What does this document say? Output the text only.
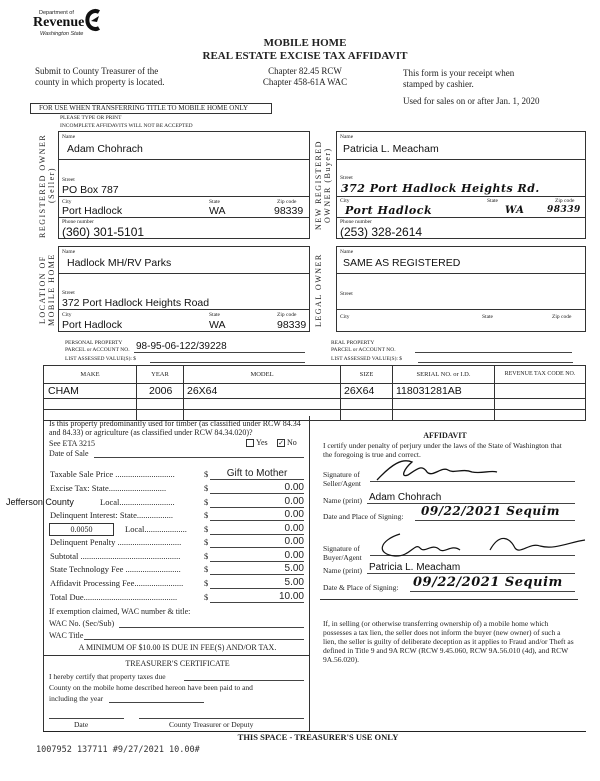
Department of
Revenue
Washington State
MOBILE HOME
REAL ESTATE EXCISE TAX AFFIDAVIT
Submit to County Treasurer of the county in which property is located.
Chapter 82.45 RCW
Chapter 458-61A WAC
This form is your receipt when stamped by cashier.
Used for sales on or after Jan. 1, 2020
FOR USE WHEN TRANSFERRING TITLE TO MOBILE HOME ONLY
PLEASE TYPE OR PRINT
INCOMPLETE AFFIDAVITS WILL NOT BE ACCEPTED
REGISTERED OWNER (Seller)
Name
Adam Chohrach
Street
PO Box 787
City	State	Zip code
Port Hadlock	WA	98339
Phone number
(360) 301-5101
NEW REGISTERED OWNER (Buyer)
Name
Patricia L. Meacham
Street
372 Port Hadlock Heights Rd.
City	State	Zip code
Port Hadlock	WA	98339
Phone number
(253) 328-2614
LOCATION OF MOBILE HOME
Name
Hadlock MH/RV Parks
Street
372 Port Hadlock Heights Road
City	State	Zip code
Port Hadlock	WA	98339 LEGAL OWNER
Name
SAME AS REGISTERED
Street
City	State	Zip code
PERSONAL PROPERTY
PARCEL or ACCOUNT NO. 98-95-06-122/39228
LIST ASSESSED VALUE(S): $
REAL PROPERTY
PARCEL or ACCOUNT NO.
LIST ASSESSED VALUE(S): $
MAKE	YEAR	MODEL	SIZE	SERIAL NO. or I.D.	REVENUE TAX CODE NO.
CHAM	2006	26X64	26X64	118031281AB	

Is this property predominantly used for timber (as classified under RCW 84.34 and 84.33) or agriculture (as classified under RCW 84.34.020)?
See ETA 3215	Yes ✓ No
Date of Sale
0.0050
Taxable Sale Price ............................	$	Gift to Mother
Excise Tax: State...........................	$	0.00
Local..........................	$	0.00
Delinquent Interest: State.................	$	0.00
Local.................... $	0.00
Delinquent Penalty ..............................	$	0.00
Subtotal ...............................................	$	0.00
State Technology Fee ..........................	$	5.00
Affidavit Processing Fee....................... $	5.00
Total Due............................................	$	10.00
If exemption claimed, WAC number & title:
WAC No. (Sec/Sub)
WAC Title
A MINIMUM OF $10.00 IS DUE IN FEE(S) AND/OR TAX.
TREASURER'S CERTIFICATE
I hereby certify that property taxes due
County on the mobile home described hereon have been paid to and
including the year
Date	County Treasurer or Deputy
Jefferson County
AFFIDAVIT
I certify under penalty of perjury under the laws of the State of Washington that the foregoing is true and correct.
Signature of Seller/Agent
Name (print) Adam Chohrach
Date and Place of Signing: 09/22/2021 Sequim
Signature of Buyer/Agent
Name (print) Patricia L. Meacham
Date & Place of Signing: 09/22/2021 Sequim
If, in selling (or otherwise transferring ownership of) a mobile home which possesses a tax lien, the seller does not inform the buyer (new owner) of such a lien, the seller is guilty of deliberate deception as it applies to Fraud and/or Theft as defined in Title 9 and 9A RCW (RCW 9.45.060, RCW 9A.56.010 (4d), and RCW 9A.56.020).
THIS SPACE - TREASURER'S USE ONLY
1007952 137711 #9/27/2021 10.00#
